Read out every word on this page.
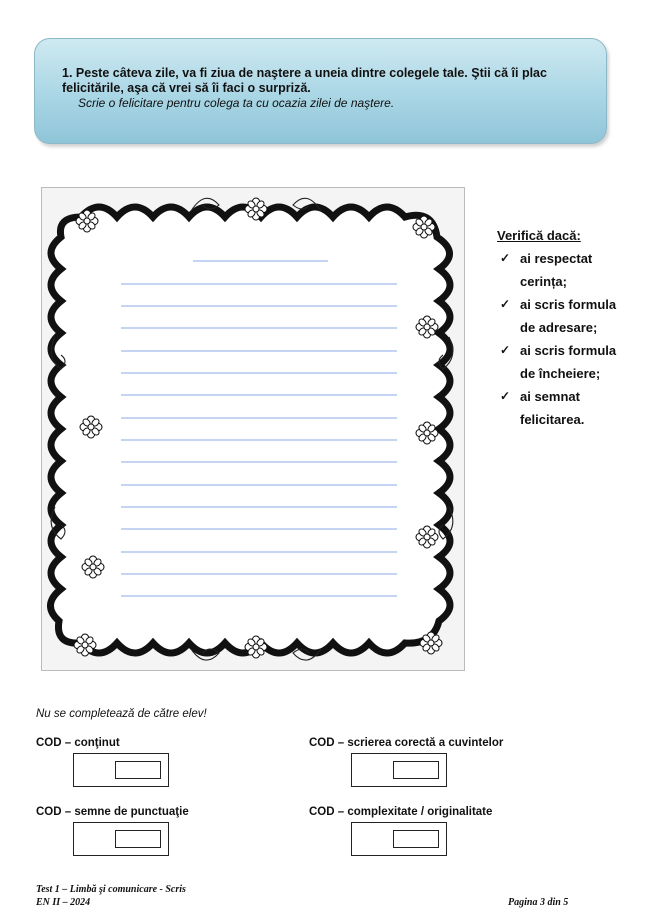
1. Peste câteva zile, va fi ziua de naştere a uneia dintre colegele tale. Ştii că îi plac felicitările, aşa că vrei să îi faci o surpriză.
Scrie o felicitare pentru colega ta cu ocazia zilei de naştere.
Verifică dacă:
✓ ai respectat cerința;
✓ ai scris formula de adresare;
✓ ai scris formula de încheiere;
✓ ai semnat felicitarea.
Nu se completează de către elev!
COD – conţinut	COD – scrierea corectă a cuvintelor
COD – semne de punctuaţie	COD – complexitate / originalitate
Test 1 – Limbă şi comunicare - Scris
EN II – 2024	Pagina 3 din 5
